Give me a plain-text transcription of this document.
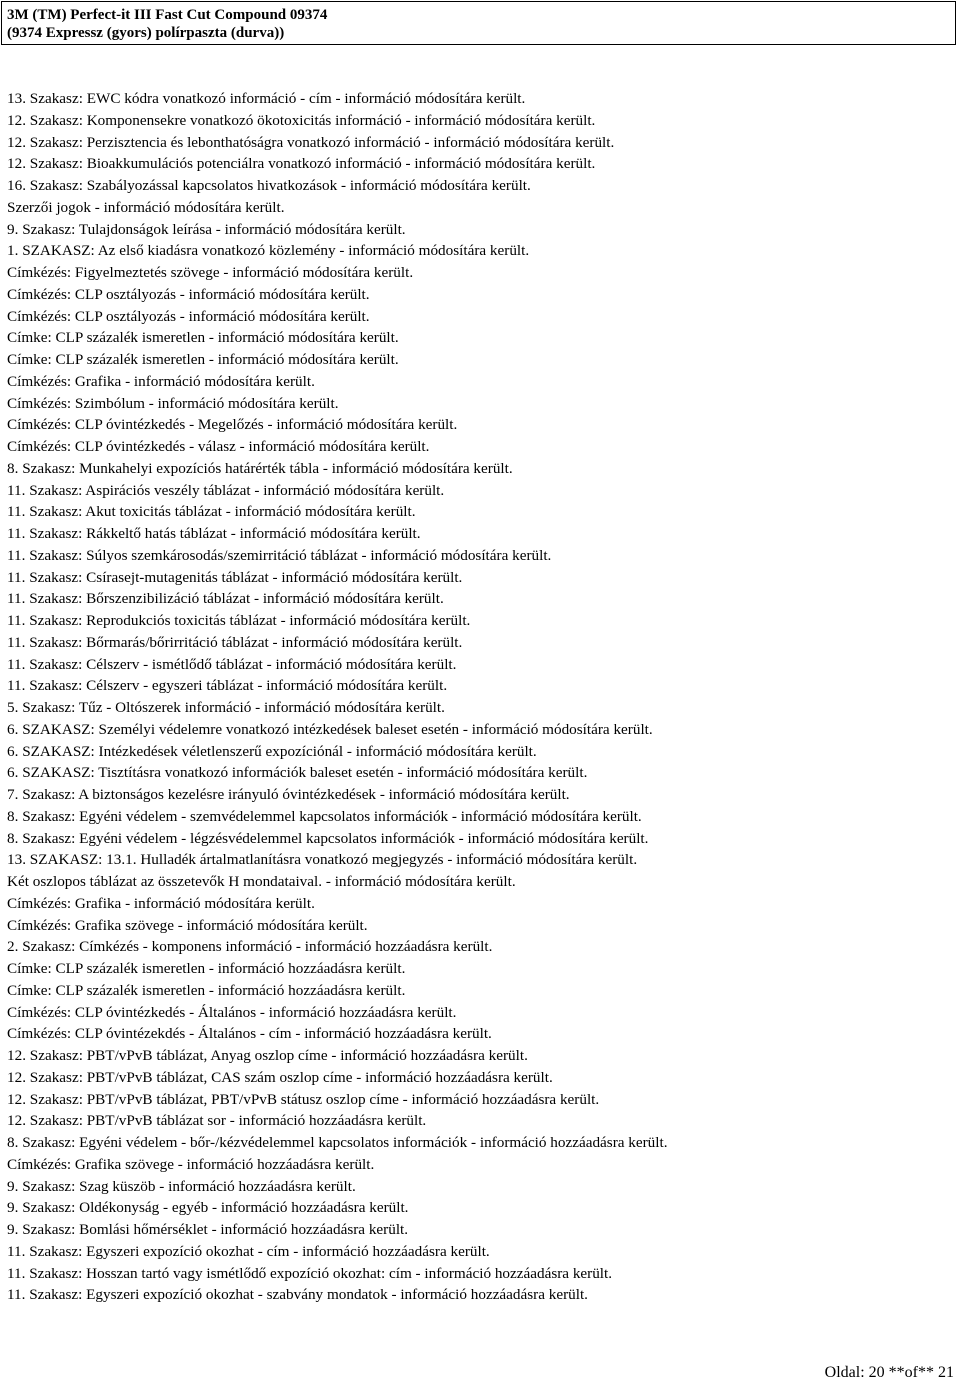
3M (TM) Perfect-it III Fast Cut Compound 09374
(9374 Expressz (gyors) polírpaszta (durva))
13. Szakasz: EWC kódra vonatkozó információ - cím - információ módosítára került.
12. Szakasz: Komponensekre vonatkozó ökotoxicitás információ - információ módosítára került.
12. Szakasz: Perzisztencia és lebonthatóságra vonatkozó információ - információ módosítára került.
12. Szakasz: Bioakkumulációs potenciálra vonatkozó információ - információ módosítára került.
16. Szakasz: Szabályozással kapcsolatos hivatkozások - információ módosítára került.
Szerzői jogok - információ módosítára került.
9. Szakasz: Tulajdonságok leírása - információ módosítára került.
1. SZAKASZ: Az első kiadásra vonatkozó közlemény - információ módosítára került.
Címkézés: Figyelmeztetés szövege - információ módosítára került.
Címkézés: CLP osztályozás - információ módosítára került.
Címkézés: CLP osztályozás - információ módosítára került.
Címke: CLP százalék ismeretlen - információ módosítára került.
Címke: CLP százalék ismeretlen - információ módosítára került.
Címkézés: Grafika - információ módosítára került.
Címkézés: Szimbólum - információ módosítára került.
Címkézés: CLP óvintézkedés - Megelőzés - információ módosítára került.
Címkézés: CLP óvintézkedés - válasz - információ módosítára került.
8. Szakasz: Munkahelyi expozíciós határérték tábla - információ módosítára került.
11. Szakasz: Aspirációs veszély táblázat - információ módosítára került.
11. Szakasz: Akut toxicitás táblázat - információ módosítára került.
11. Szakasz: Rákkeltő hatás táblázat - információ módosítára került.
11. Szakasz: Súlyos szemkárosodás/szemirritáció táblázat - információ módosítára került.
11. Szakasz: Csírasejt-mutagenitás táblázat - információ módosítára került.
11. Szakasz: Bőrszenzibilizáció táblázat - információ módosítára került.
11. Szakasz: Reprodukciós toxicitás táblázat - információ módosítára került.
11. Szakasz: Bőrmarás/bőrirritáció táblázat - információ módosítára került.
11. Szakasz: Célszerv - ismétlődő táblázat - információ módosítára került.
11. Szakasz: Célszerv - egyszeri táblázat - információ módosítára került.
5. Szakasz: Tűz - Oltószerek információ - információ módosítára került.
6. SZAKASZ: Személyi védelemre vonatkozó intézkedések baleset esetén - információ módosítára került.
6. SZAKASZ: Intézkedések véletlenszerű expozíciónál - információ módosítára került.
6. SZAKASZ: Tisztításra vonatkozó információk baleset esetén - információ módosítára került.
7. Szakasz: A biztonságos kezelésre irányuló óvintézkedések - információ módosítára került.
8. Szakasz: Egyéni védelem - szemvédelemmel kapcsolatos információk - információ módosítára került.
8. Szakasz: Egyéni védelem - légzésvédelemmel kapcsolatos információk - információ módosítára került.
13. SZAKASZ: 13.1. Hulladék ártalmatlanításra vonatkozó megjegyzés - információ módosítára került.
Két oszlopos táblázat az összetevők H mondataival. - információ módosítára került.
Címkézés: Grafika - információ módosítára került.
Címkézés: Grafika szövege - információ módosítára került.
2. Szakasz: Címkézés - komponens információ - információ hozzáadásra került.
Címke: CLP százalék ismeretlen - információ hozzáadásra került.
Címke: CLP százalék ismeretlen - információ hozzáadásra került.
Címkézés: CLP óvintézkedés - Általános - információ hozzáadásra került.
Címkézés: CLP óvintézekdés - Általános - cím - információ hozzáadásra került.
12. Szakasz: PBT/vPvB táblázat, Anyag oszlop címe - információ hozzáadásra került.
12. Szakasz: PBT/vPvB táblázat, CAS szám oszlop címe - információ hozzáadásra került.
12. Szakasz: PBT/vPvB táblázat, PBT/vPvB státusz oszlop címe - információ hozzáadásra került.
12. Szakasz: PBT/vPvB táblázat sor - információ hozzáadásra került.
8. Szakasz: Egyéni védelem - bőr-/kézvédelemmel kapcsolatos információk - információ hozzáadásra került.
Címkézés: Grafika szövege - információ hozzáadásra került.
9. Szakasz: Szag küszöb - információ hozzáadásra került.
9. Szakasz: Oldékonyság - egyéb - információ hozzáadásra került.
9. Szakasz: Bomlási hőmérséklet - információ hozzáadásra került.
11. Szakasz: Egyszeri expozíció okozhat - cím - információ hozzáadásra került.
11. Szakasz: Hosszan tartó vagy ismétlődő expozíció okozhat: cím - információ hozzáadásra került.
11. Szakasz: Egyszeri expozíció okozhat - szabvány mondatok - információ hozzáadásra került.
Oldal: 20 **of** 21
